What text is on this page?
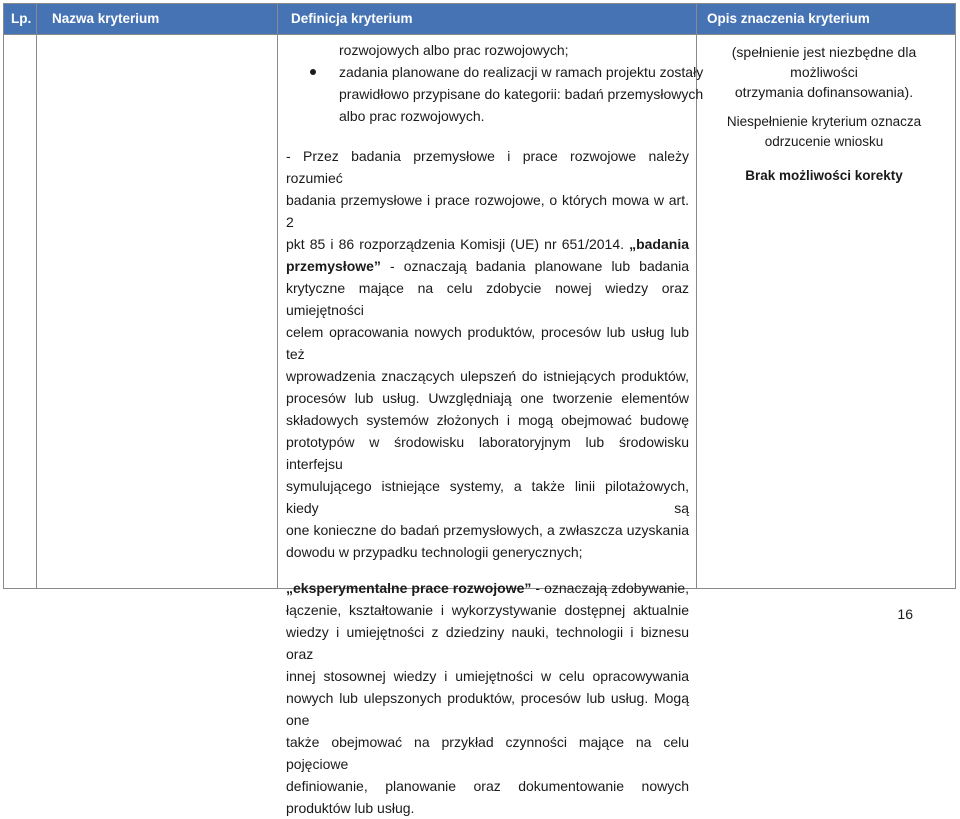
Lp. Nazwa kryterium	Definicja kryterium	Opis znaczenia kryterium
rozwojowych albo prac rozwojowych;
zadania planowane do realizacji w ramach projektu zostały
prawidłowo przypisane do kategorii: badań przemysłowych
albo prac rozwojowych.
- Przez badania przemysłowe i prace rozwojowe należy rozumieć
badania przemysłowe i prace rozwojowe, o których mowa w art. 2
pkt 85 i 86 rozporządzenia Komisji (UE) nr 651/2014. „badania
przemysłowe” - oznaczają badania planowane lub badania
krytyczne mające na celu zdobycie nowej wiedzy oraz umiejętności
celem opracowania nowych produktów, procesów lub usług lub też
wprowadzenia znaczących ulepszeń do istniejących produktów,
procesów lub usług. Uwzględniają one tworzenie elementów
składowych systemów złożonych i mogą obejmować budowę
prototypów w środowisku laboratoryjnym lub środowisku interfejsu
symulującego istniejące systemy, a także linii pilotażowych, kiedy są
one konieczne do badań przemysłowych, a zwłaszcza uzyskania
dowodu w przypadku technologii generycznych;
„eksperymentalne prace rozwojowe” - oznaczają zdobywanie,
łączenie, kształtowanie i wykorzystywanie dostępnej aktualnie
wiedzy i umiejętności z dziedziny nauki, technologii i biznesu oraz
innej stosownej wiedzy i umiejętności w celu opracowywania
nowych lub ulepszonych produktów, procesów lub usług. Mogą one
także obejmować na przykład czynności mające na celu pojęciowe
definiowanie, planowanie oraz dokumentowanie nowych
produktów lub usług.
(spełnienie jest niezbędne dla możliwości
otrzymania dofinansowania).
Niespełnienie kryterium oznacza
odrzucenie wniosku
Brak możliwości korekty
16
